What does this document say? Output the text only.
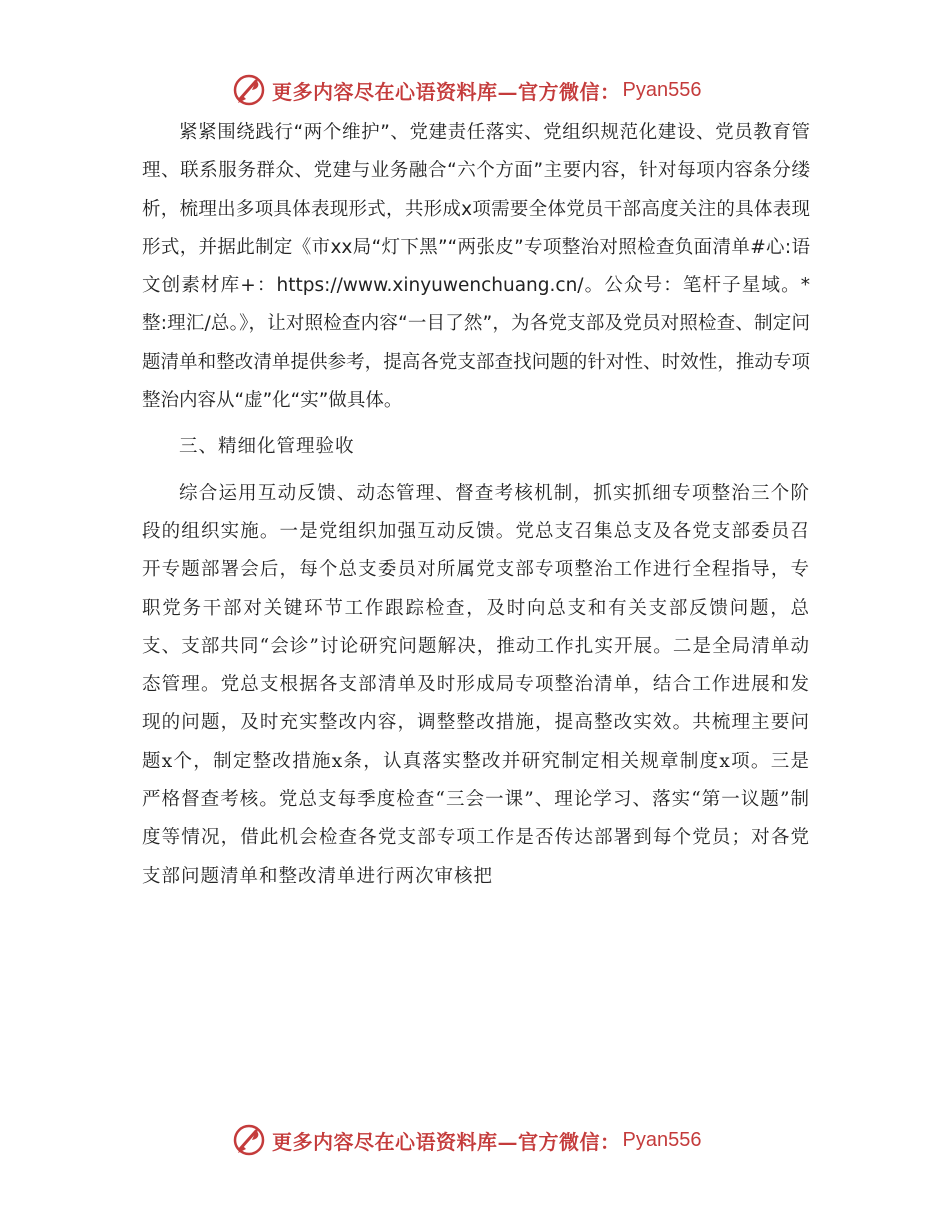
更多内容尽在心语资料库—官方微信： Pyan556

紧紧围绕践行“两个维护”、党建责任落实、党组织规范化建设、党员教育管理、联系服务群众、党建与业务融合“六个方面”主要内容，针对每项内容条分缕析，梳理出多项具体表现形式，共形成x项需要全体党员干部高度关注的具体表现形式，并据此制定《市xx局“灯下黑”“两张皮”专项整治对照检查负面清单#心:语文创素材库+：https://www.xinyuwenchuang.cn/。公众号：笔杆子星域。*整:理汇/总。》，让对照检查内容“一目了然”，为各党支部及党员对照检查、制定问题清单和整改清单提供参考，提高各党支部查找问题的针对性、时效性，推动专项整治内容从“虚”化“实”做具体。

三、精细化管理验收

综合运用互动反馈、动态管理、督查考核机制，抓实抓细专项整治三个阶段的组织实施。一是党组织加强互动反馈。党总支召集总支及各党支部委员召开专题部署会后，每个总支委员对所属党支部专项整治工作进行全程指导，专职党务干部对关键环节工作跟踪检查，及时向总支和有关支部反馈问题，总支、支部共同“会诊”讨论研究问题解决，推动工作扎实开展。二是全局清单动态管理。党总支根据各支部清单及时形成局专项整治清单，结合工作进展和发现的问题，及时充实整改内容，调整整改措施，提高整改实效。共梳理主要问题x个，制定整改措施x条，认真落实整改并研究制定相关规章制度x项。三是严格督查考核。党总支每季度检查“三会一课”、理论学习、落实“第一议题”制度等情况，借此机会检查各党支部专项工作是否传达部署到每个党员；对各党支部问题清单和整改清单进行两次审核把

更多内容尽在心语资料库—官方微信： Pyan556
